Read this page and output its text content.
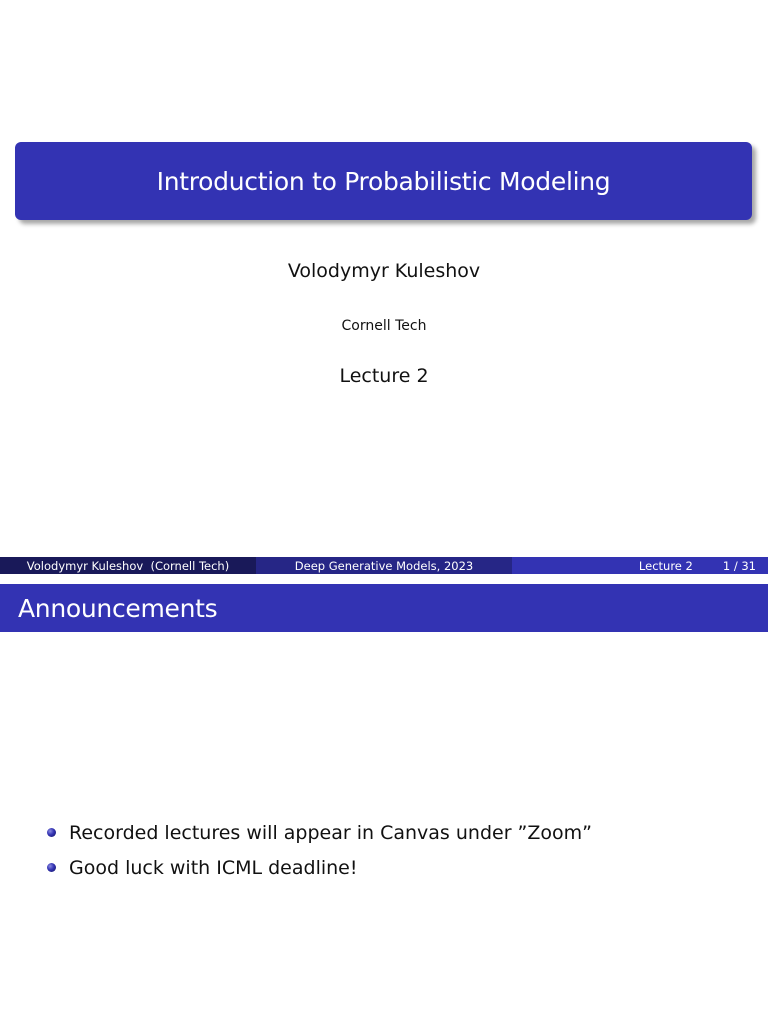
Introduction to Probabilistic Modeling
Volodymyr Kuleshov
Cornell Tech
Lecture 2
Volodymyr Kuleshov  (Cornell Tech)	Deep Generative Models, 2023	Lecture 2	1 / 31
Announcements
Recorded lectures will appear in Canvas under ”Zoom”
Good luck with ICML deadline!
